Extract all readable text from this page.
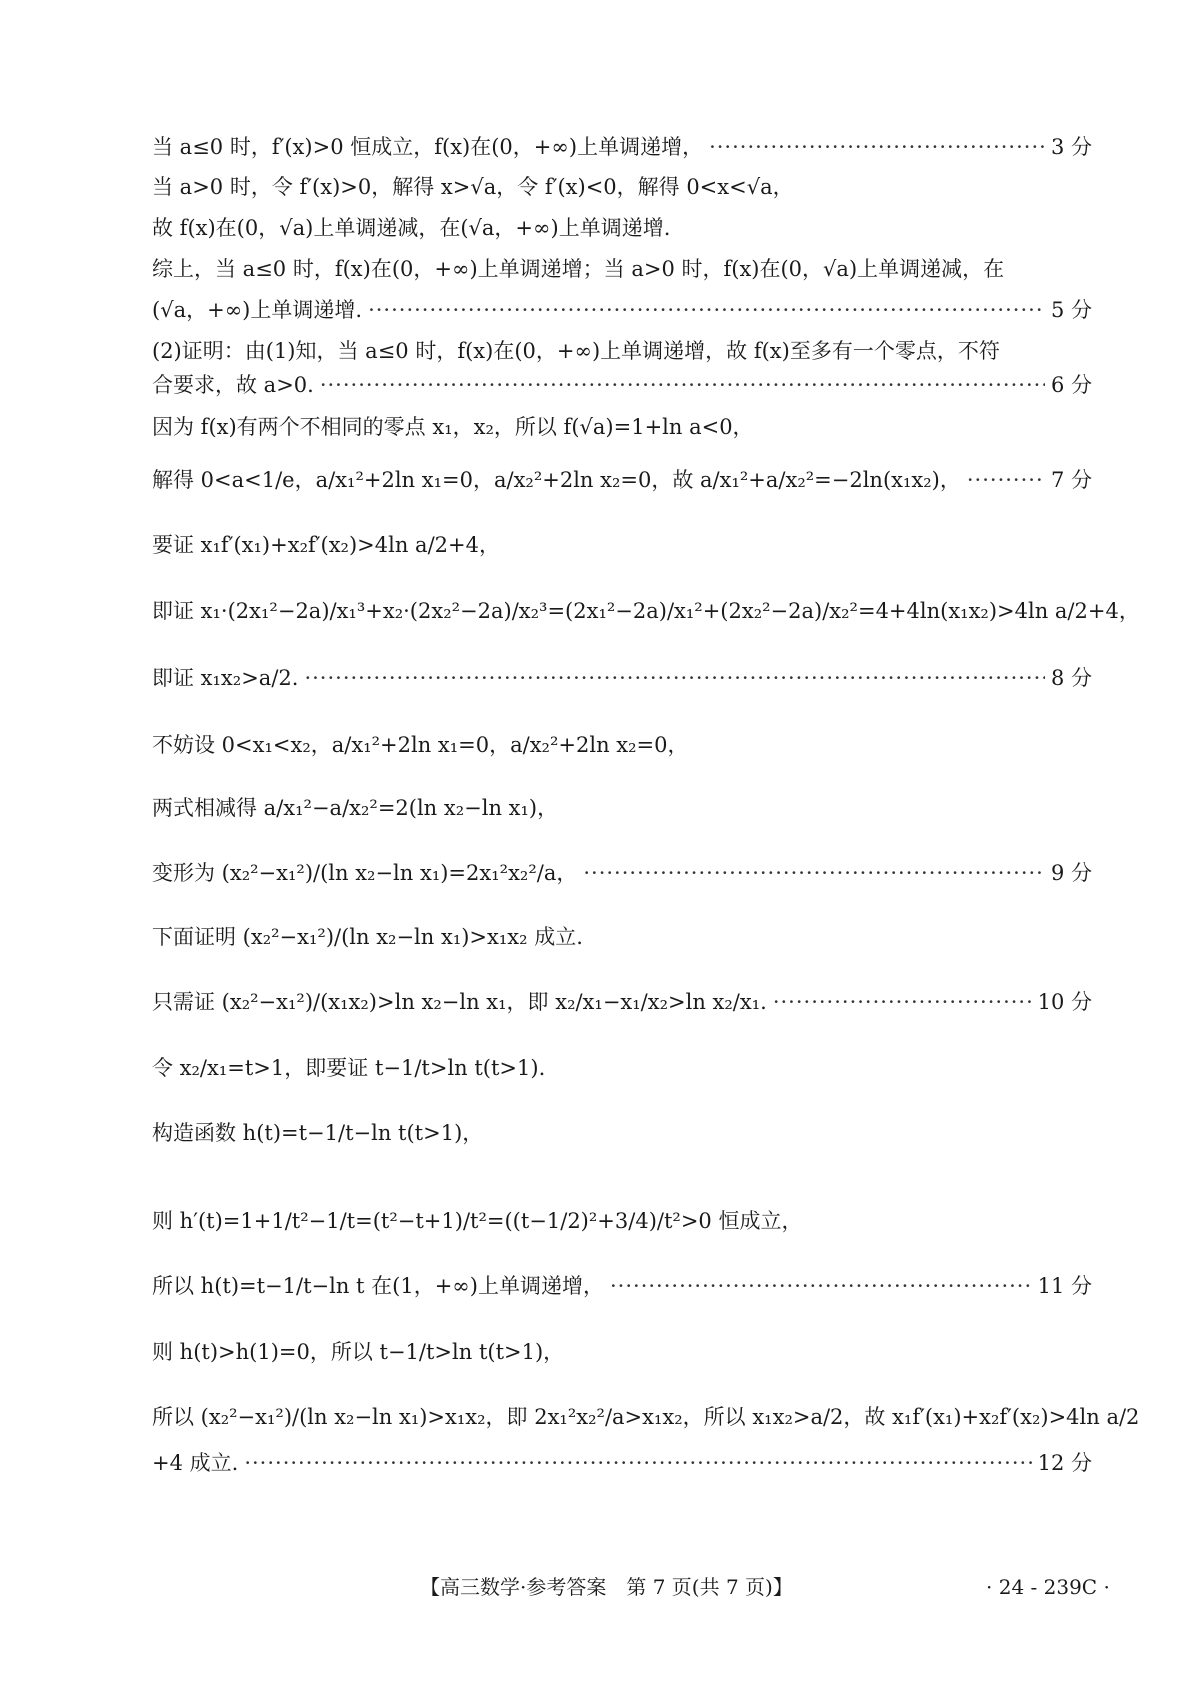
当 a≤0 时，f′(x)>0 恒成立，f(x)在(0，+∞)上单调递增， ·····	3 分
当 a>0 时，令 f′(x)>0，解得 x>√a，令 f′(x)<0，解得 0<x<√a，
故 f(x)在(0，√a)上单调递减，在(√a，+∞)上单调递增.
综上，当 a≤0 时，f(x)在(0，+∞)上单调递增；当 a>0 时，f(x)在(0，√a)上单调递减，在
(√a，+∞)上单调递增. ·····	5 分
(2)证明：由(1)知，当 a≤0 时，f(x)在(0，+∞)上单调递增，故 f(x)至多有一个零点，不符
合要求，故 a>0. ·····	6 分
因为 f(x)有两个不相同的零点 x₁，x₂，所以 f(√a)=1+ln a<0，
解得 0<a<1/e，a/x₁²+2ln x₁=0，a/x₂²+2ln x₂=0，故 a/x₁²+a/x₂²=−2ln(x₁x₂)， ·····	7 分
要证 x₁f′(x₁)+x₂f′(x₂)>4ln a/2+4，
即证 x₁·(2x₁²−2a)/x₁³+x₂·(2x₂²−2a)/x₂³=(2x₁²−2a)/x₁²+(2x₂²−2a)/x₂²=4+4ln(x₁x₂)>4ln a/2+4，
即证 x₁x₂>a/2. ·····	8 分
不妨设 0<x₁<x₂，a/x₁²+2ln x₁=0，a/x₂²+2ln x₂=0，
两式相减得 a/x₁²−a/x₂²=2(ln x₂−ln x₁)，
变形为 (x₂²−x₁²)/(ln x₂−ln x₁)=2x₁²x₂²/a， ·····	9 分
下面证明 (x₂²−x₁²)/(ln x₂−ln x₁)>x₁x₂ 成立.
只需证 (x₂²−x₁²)/(x₁x₂)>ln x₂−ln x₁，即 x₂/x₁−x₁/x₂>ln x₂/x₁. ·····	10 分
令 x₂/x₁=t>1，即要证 t−1/t>ln t(t>1).
构造函数 h(t)=t−1/t−ln t(t>1)，
则 h′(t)=1+1/t²−1/t=(t²−t+1)/t²=((t−1/2)²+3/4)/t²>0 恒成立，
所以 h(t)=t−1/t−ln t 在(1，+∞)上单调递增， ·····	11 分
则 h(t)>h(1)=0，所以 t−1/t>ln t(t>1)，
所以 (x₂²−x₁²)/(ln x₂−ln x₁)>x₁x₂，即 2x₁²x₂²/a>x₁x₂，所以 x₁x₂>a/2，故 x₁f′(x₁)+x₂f′(x₂)>4ln a/2
+4 成立. ·····	12 分
【高三数学·参考答案　第 7 页(共 7 页)】	· 24 - 239C ·
